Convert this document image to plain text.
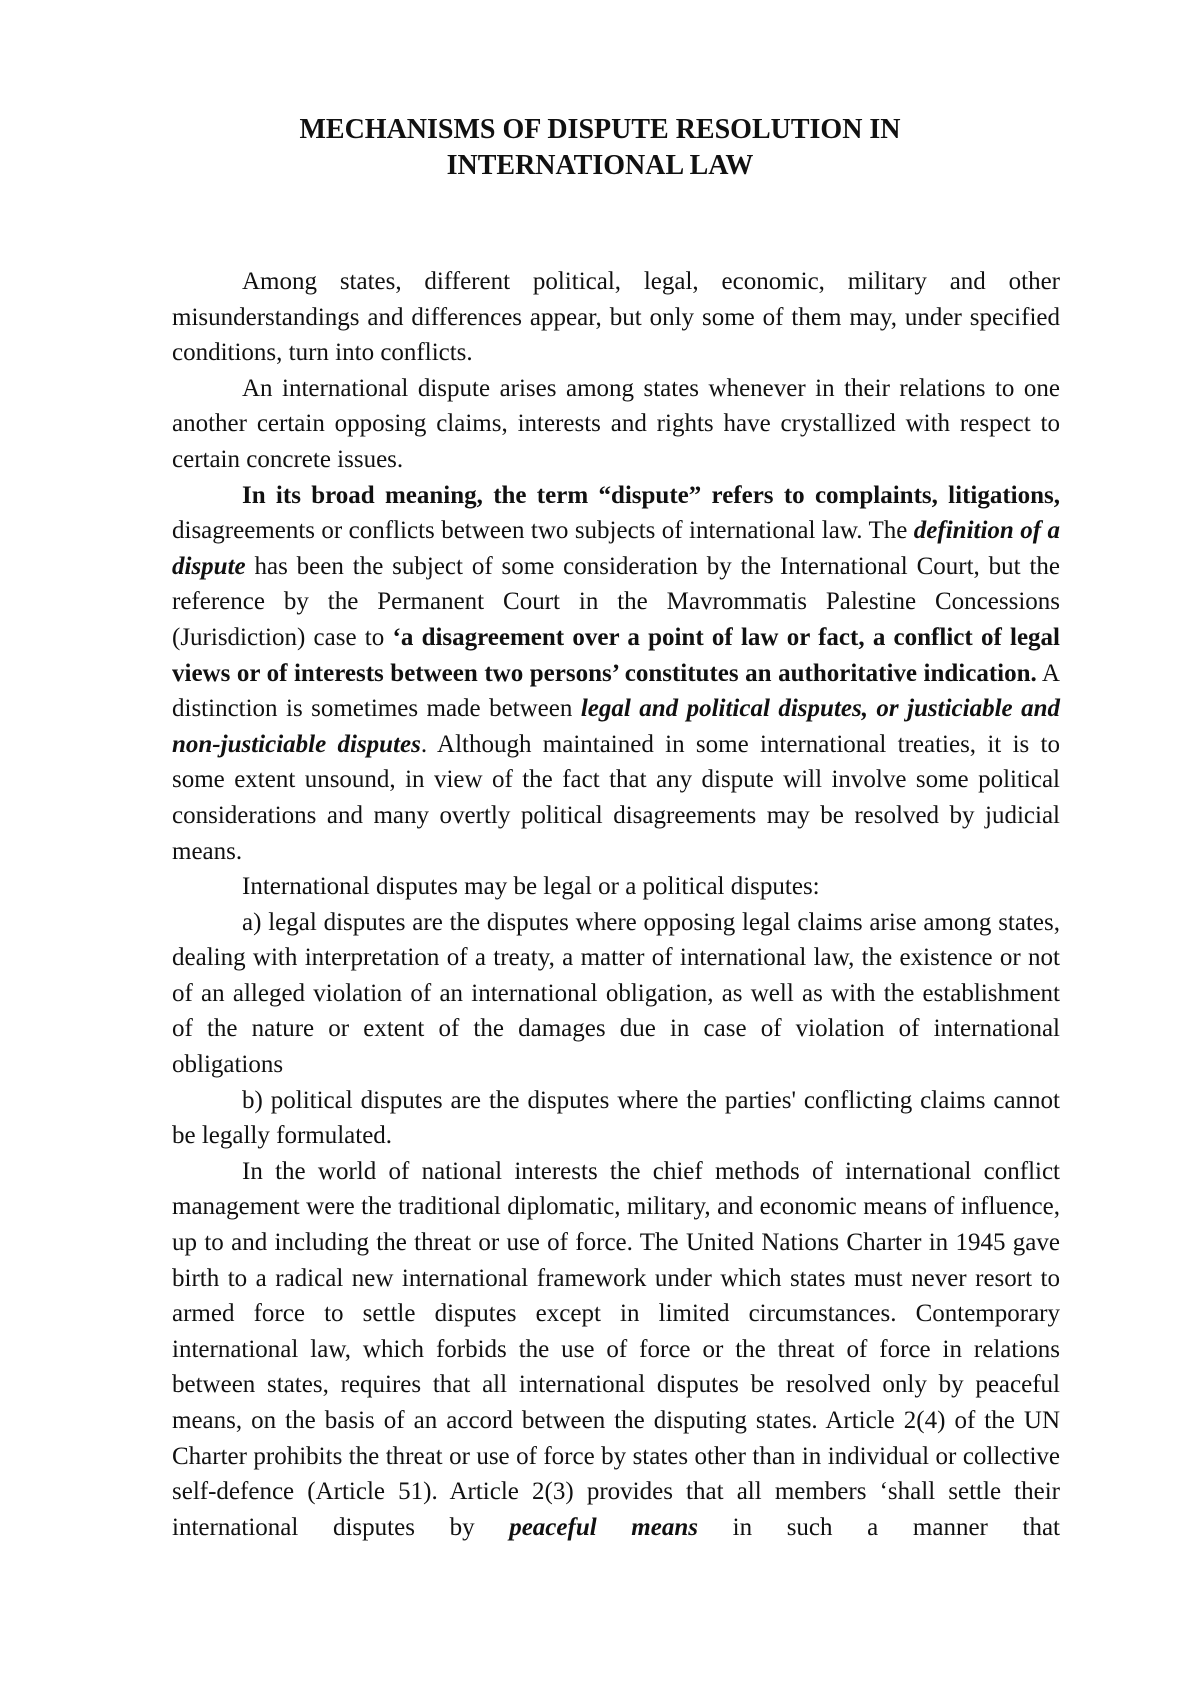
MECHANISMS OF DISPUTE RESOLUTION IN
INTERNATIONAL LAW

Among states, different political, legal, economic, military and other misunderstandings and differences appear, but only some of them may, under specified conditions, turn into conflicts.

An international dispute arises among states whenever in their relations to one another certain opposing claims, interests and rights have crystallized with respect to certain concrete issues.

In its broad meaning, the term “dispute” refers to complaints, litigations, disagreements or conflicts between two subjects of international law. The definition of a dispute has been the subject of some consideration by the International Court, but the reference by the Permanent Court in the Mavrommatis Palestine Concessions (Jurisdiction) case to ‘a disagreement over a point of law or fact, a conflict of legal views or of interests between two persons’ constitutes an authoritative indication. A distinction is sometimes made between legal and political disputes, or justiciable and non-justiciable disputes. Although maintained in some international treaties, it is to some extent unsound, in view of the fact that any dispute will involve some political considerations and many overtly political disagreements may be resolved by judicial means.

International disputes may be legal or a political disputes:

a) legal disputes are the disputes where opposing legal claims arise among states, dealing with interpretation of a treaty, a matter of international law, the existence or not of an alleged violation of an international obligation, as well as with the establishment of the nature or extent of the damages due in case of violation of international obligations

b) political disputes are the disputes where the parties' conflicting claims cannot be legally formulated.

In the world of national interests the chief methods of international conflict management were the traditional diplomatic, military, and economic means of influence, up to and including the threat or use of force. The United Nations Charter in 1945 gave birth to a radical new international framework under which states must never resort to armed force to settle disputes except in limited circumstances. Contemporary international law, which forbids the use of force or the threat of force in relations between states, requires that all international disputes be resolved only by peaceful means, on the basis of an accord between the disputing states. Article 2(4) of the UN Charter prohibits the threat or use of force by states other than in individual or collective self-defence (Article 51). Article 2(3) provides that all members ‘shall settle their international disputes by peaceful means in such a manner that
